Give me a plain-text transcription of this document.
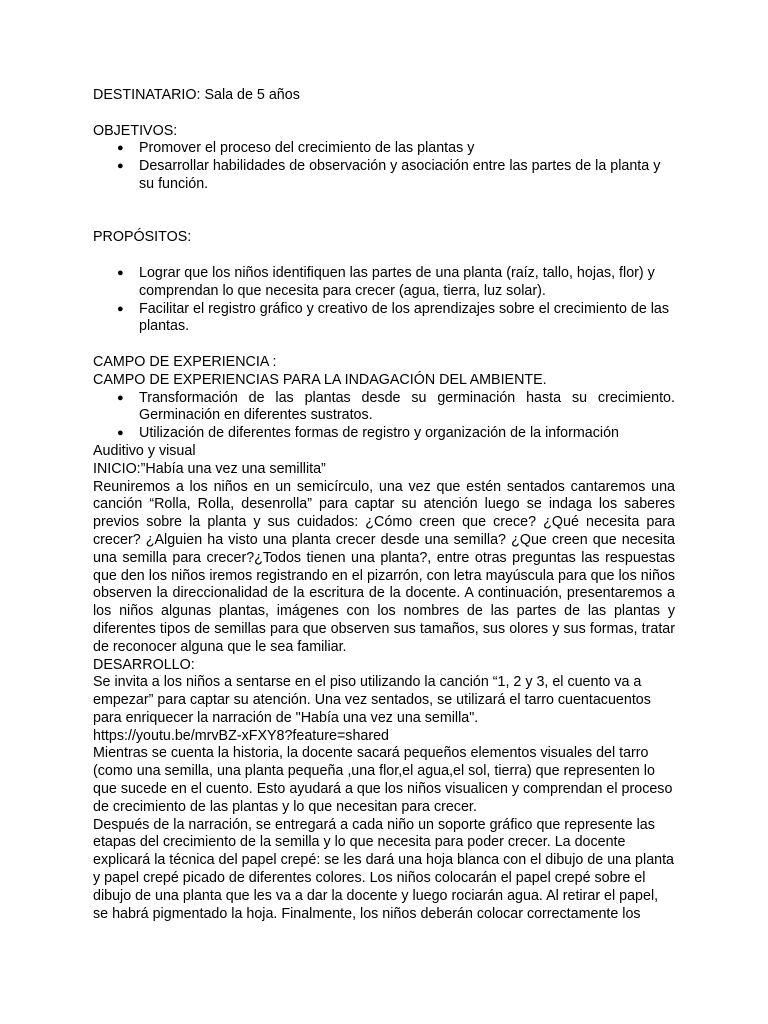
DESTINATARIO: Sala de 5 años

OBJETIVOS:

● Promover el proceso del crecimiento de las plantas y
● Desarrollar habilidades de observación y asociación entre las partes de la planta y su función.

PROPÓSITOS:

● Lograr que los niños identifiquen las partes de una planta (raíz, tallo, hojas, flor) y comprendan lo que necesita para crecer (agua, tierra, luz solar).
● Facilitar el registro gráfico y creativo de los aprendizajes sobre el crecimiento de las plantas.

CAMPO DE EXPERIENCIA :

CAMPO DE EXPERIENCIAS PARA LA INDAGACIÓN DEL AMBIENTE.

● Transformación de las plantas desde su germinación hasta su crecimiento.
Germinación en diferentes sustratos.
● Utilización de diferentes formas de registro y organización de la información

Auditivo y visual

INICIO:”Había una vez una semillita”

Reuniremos a los niños en un semicírculo, una vez que estén sentados cantaremos una canción “Rolla, Rolla, desenrolla” para captar su atención luego se indaga los saberes previos sobre la planta y sus cuidados: ¿Cómo creen que crece? ¿Qué necesita para crecer? ¿Alguien ha visto una planta crecer desde una semilla? ¿Que creen que necesita una semilla para crecer?¿Todos tienen una planta?, entre otras preguntas las respuestas que den los niños iremos registrando en el pizarrón, con letra mayúscula para que los niños observen la direccionalidad de la escritura de la docente. A continuación, presentaremos a los niños algunas plantas, imágenes con los nombres de las partes de las plantas y diferentes tipos de semillas para que observen sus tamaños, sus olores y sus formas, tratar de reconocer alguna que le sea familiar.

DESARROLLO:

Se invita a los niños a sentarse en el piso utilizando la canción “1, 2 y 3, el cuento va a empezar” para captar su atención. Una vez sentados, se utilizará el tarro cuentacuentos para enriquecer la narración de "Había una vez una semilla".

https://youtu.be/mrvBZ-xFXY8?feature=shared

Mientras se cuenta la historia, la docente sacará pequeños elementos visuales del tarro (como una semilla, una planta pequeña ,una flor,el agua,el sol, tierra) que representen lo que sucede en el cuento. Esto ayudará a que los niños visualicen y comprendan el proceso de crecimiento de las plantas y lo que necesitan para crecer.

Después de la narración, se entregará a cada niño un soporte gráfico que represente las etapas del crecimiento de la semilla y lo que necesita para poder crecer. La docente explicará la técnica del papel crepé: se les dará una hoja blanca con el dibujo de una planta y papel crepé picado de diferentes colores. Los niños colocarán el papel crepé sobre el dibujo de una planta que les va a dar la docente y luego rociarán agua. Al retirar el papel, se habrá pigmentado la hoja. Finalmente, los niños deberán colocar correctamente los
